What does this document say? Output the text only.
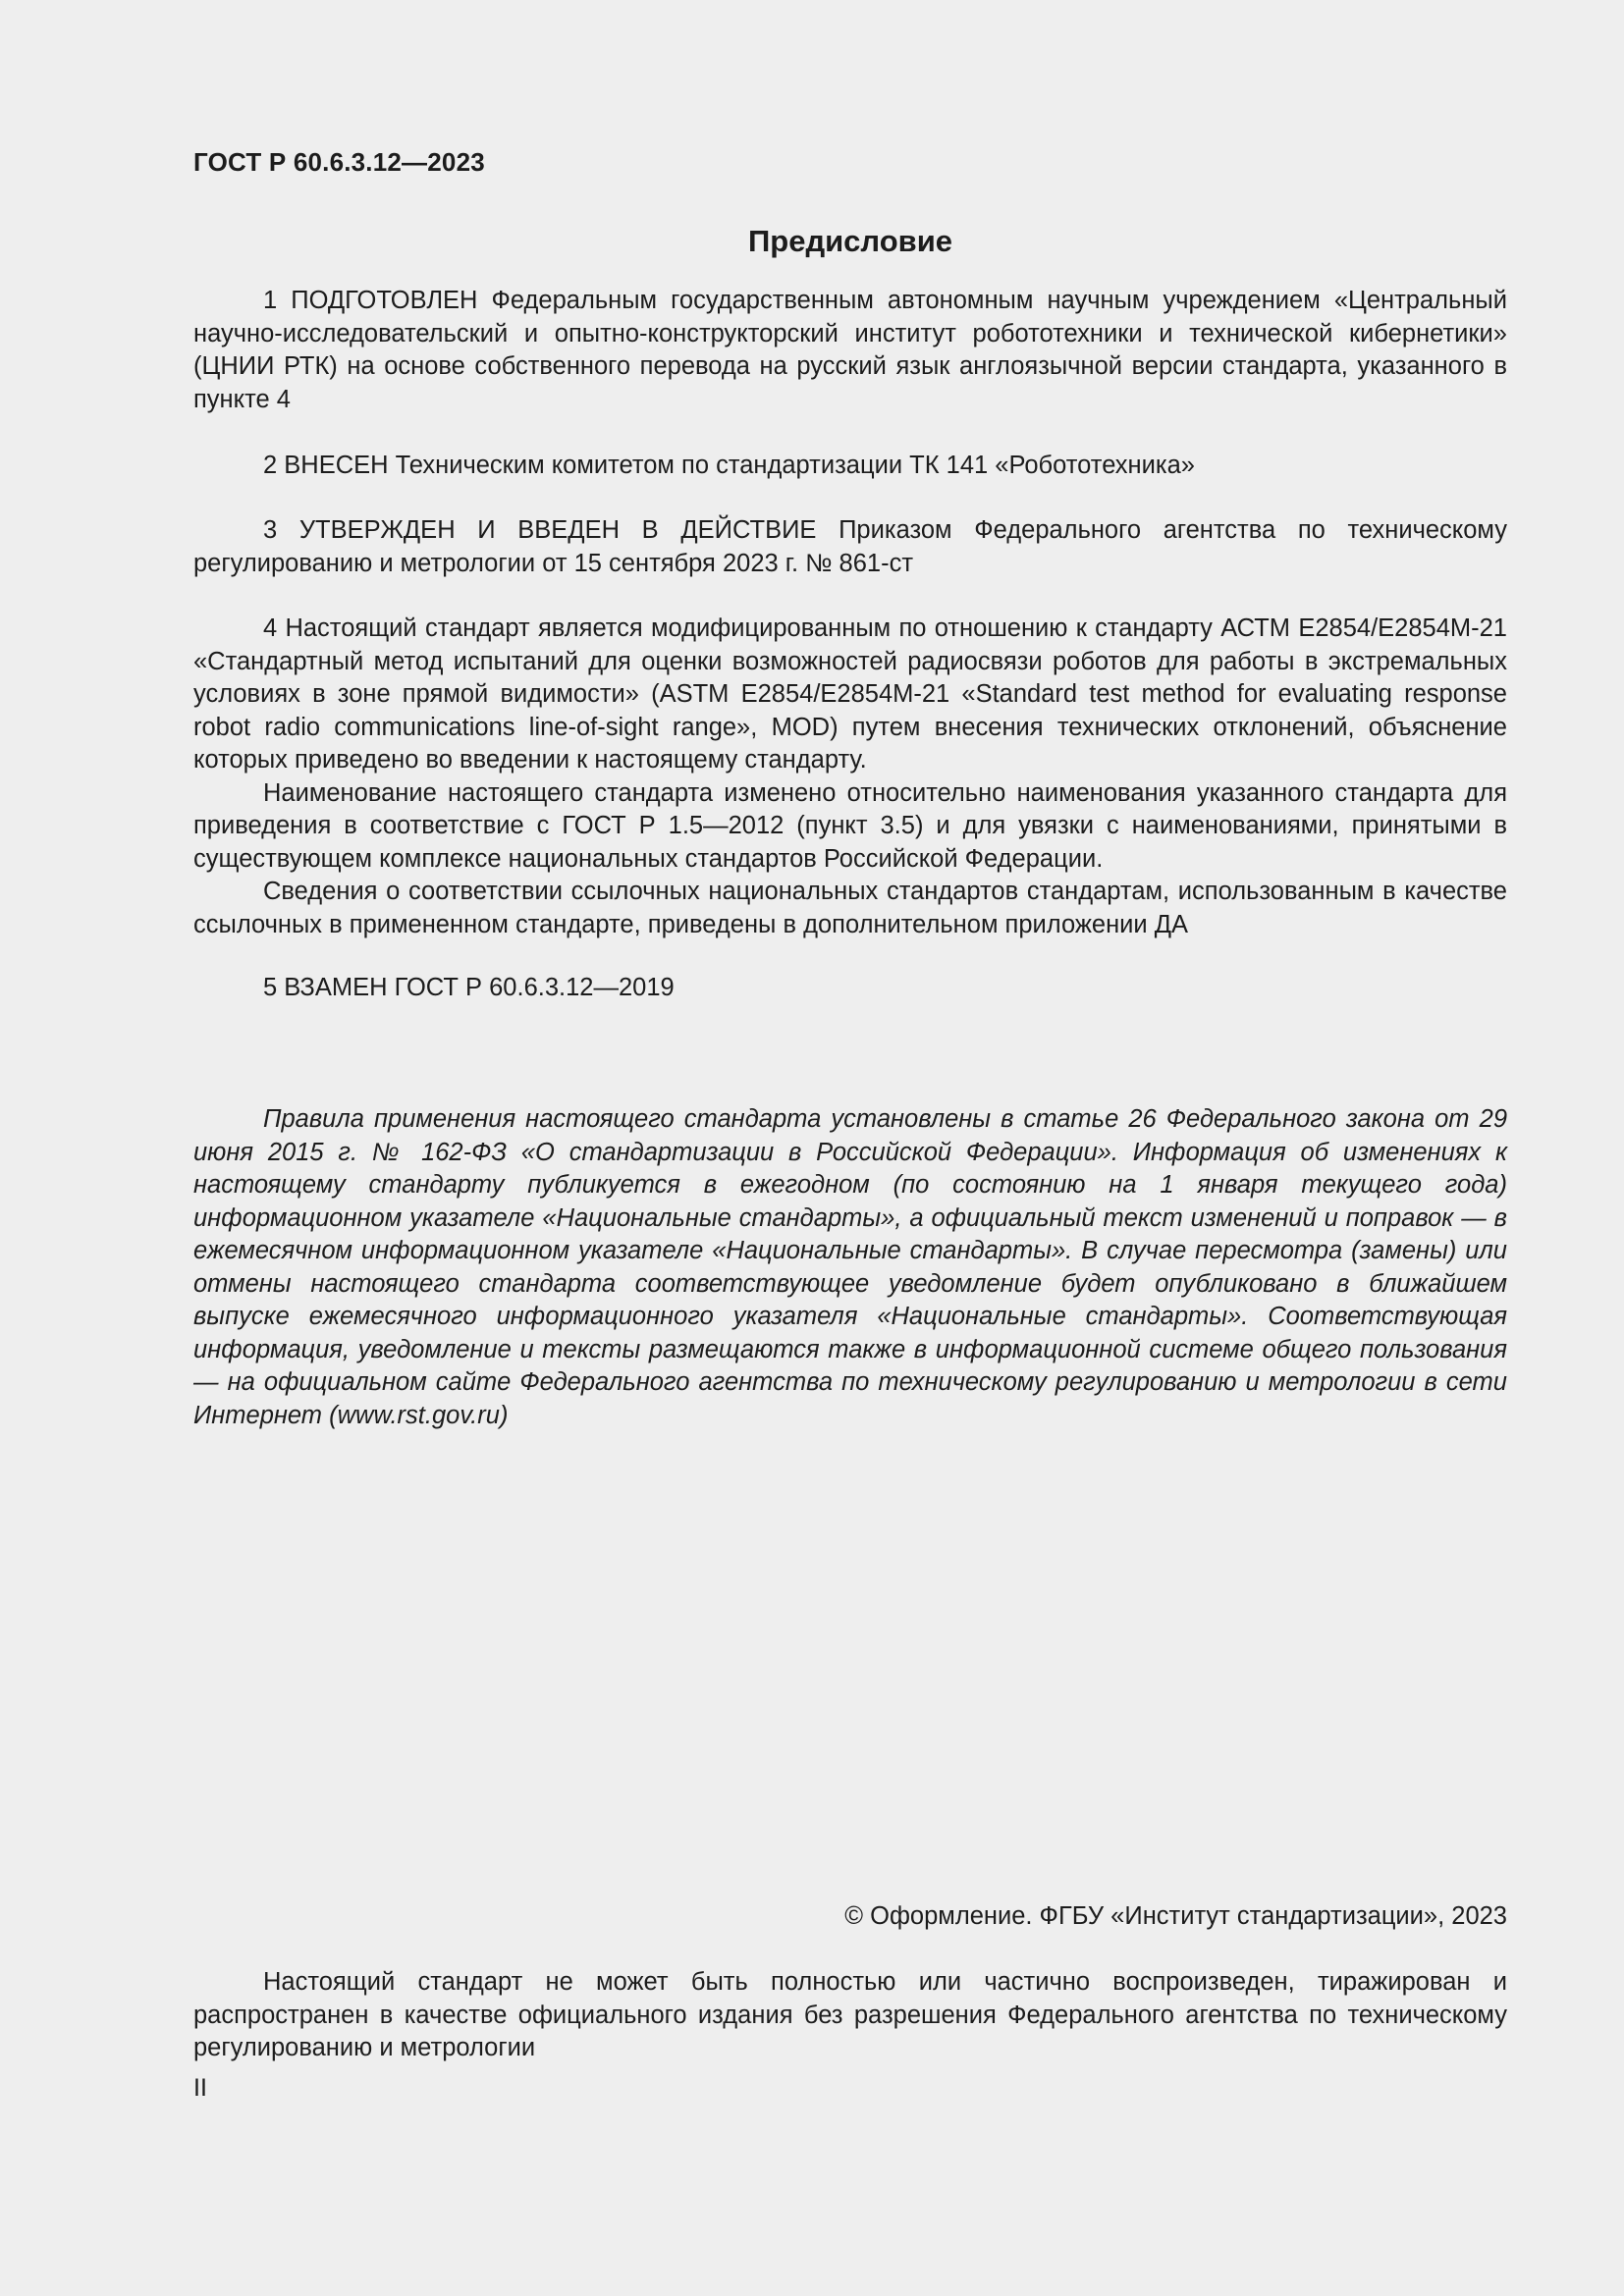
ГОСТ Р 60.6.3.12—2023
Предисловие

1 ПОДГОТОВЛЕН Федеральным государственным автономным научным учреждением «Центральный научно-исследовательский и опытно-конструкторский институт робототехники и технической кибернетики» (ЦНИИ РТК) на основе собственного перевода на русский язык англоязычной версии стандарта, указанного в пункте 4

2 ВНЕСЕН Техническим комитетом по стандартизации ТК 141 «Робототехника»

3 УТВЕРЖДЕН И ВВЕДЕН В ДЕЙСТВИЕ Приказом Федерального агентства по техническому регулированию и метрологии от 15 сентября 2023 г. № 861-ст

4 Настоящий стандарт является модифицированным по отношению к стандарту АСТМ Е2854/Е2854М-21 «Стандартный метод испытаний для оценки возможностей радиосвязи роботов для работы в экстремальных условиях в зоне прямой видимости» (ASTM E2854/E2854M-21 «Standard test method for evaluating response robot radio communications line-of-sight range», MOD) путем внесения технических отклонений, объяснение которых приведено во введении к настоящему стандарту.

Наименование настоящего стандарта изменено относительно наименования указанного стандарта для приведения в соответствие с ГОСТ Р 1.5—2012 (пункт 3.5) и для увязки с наименованиями, принятыми в существующем комплексе национальных стандартов Российской Федерации.

Сведения о соответствии ссылочных национальных стандартов стандартам, использованным в качестве ссылочных в примененном стандарте, приведены в дополнительном приложении ДА

5 ВЗАМЕН ГОСТ Р 60.6.3.12—2019

Правила применения настоящего стандарта установлены в статье 26 Федерального закона от 29 июня 2015 г. № 162-ФЗ «О стандартизации в Российской Федерации». Информация об изменениях к настоящему стандарту публикуется в ежегодном (по состоянию на 1 января текущего года) информационном указателе «Национальные стандарты», а официальный текст изменений и поправок — в ежемесячном информационном указателе «Национальные стандарты». В случае пересмотра (замены) или отмены настоящего стандарта соответствующее уведомление будет опубликовано в ближайшем выпуске ежемесячного информационного указателя «Национальные стандарты». Соответствующая информация, уведомление и тексты размещаются также в информационной системе общего пользования — на официальном сайте Федерального агентства по техническому регулированию и метрологии в сети Интернет (www.rst.gov.ru)

© Оформление. ФГБУ «Институт стандартизации», 2023

Настоящий стандарт не может быть полностью или частично воспроизведен, тиражирован и распространен в качестве официального издания без разрешения Федерального агентства по техническому регулированию и метрологии

II
